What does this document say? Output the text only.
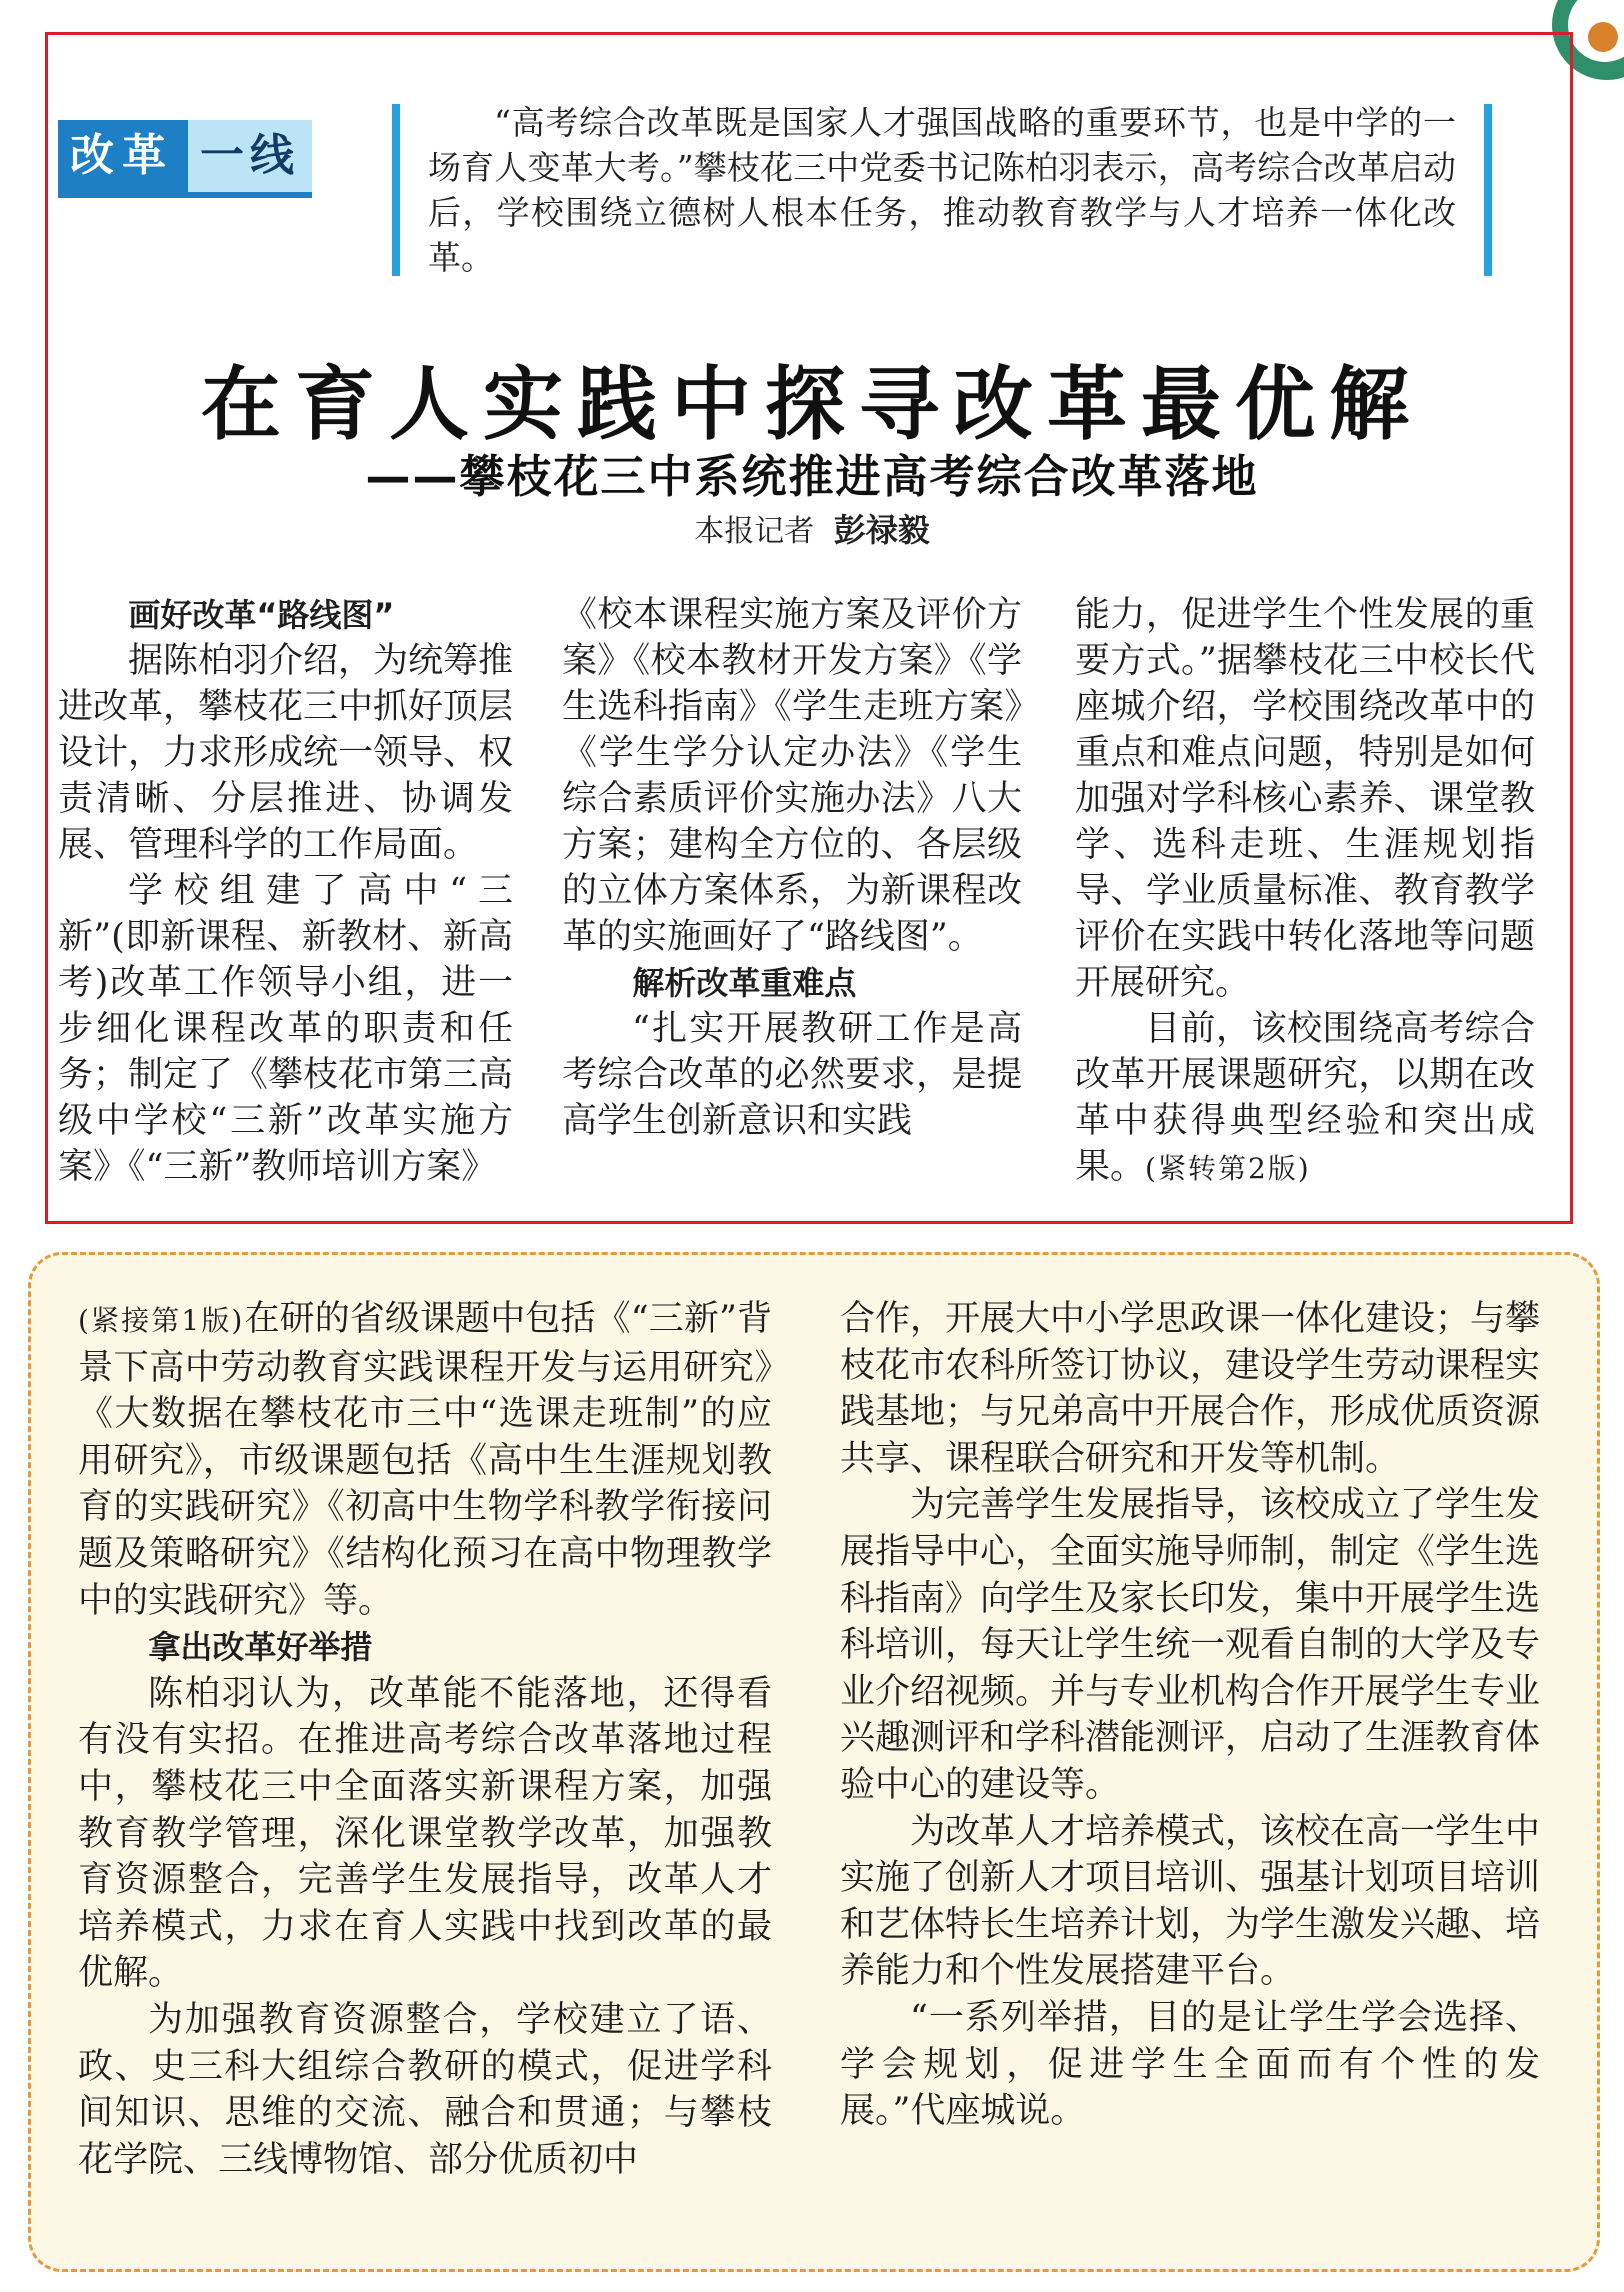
改革 一线
“高考综合改革既是国家人才强国战略的重要环节，也是中学的一场育人变革大考。”攀枝花三中党委书记陈柏羽表示，高考综合改革启动后，学校围绕立德树人根本任务，推动教育教学与人才培养一体化改革。
在育人实践中探寻改革最优解
——攀枝花三中系统推进高考综合改革落地
本报记者 彭禄毅
画好改革“路线图”

据陈柏羽介绍，为统筹推进改革，攀枝花三中抓好顶层设计，力求形成统一领导、权责清晰、分层推进、协调发展、管理科学的工作局面。

学校组建了高中“三新”(即新课程、新教材、新高考)改革工作领导小组，进一步细化课程改革的职责和任务；制定了《攀枝花市第三高级中学校“三新”改革实施方案》《“三新”教师培训方案》

《校本课程实施方案及评价方案》《校本教材开发方案》《学生选科指南》《学生走班方案》《学生学分认定办法》《学生综合素质评价实施办法》八大方案；建构全方位的、各层级的立体方案体系，为新课程改革的实施画好了“路线图”。

解析改革重难点

“扎实开展教研工作是高考综合改革的必然要求，是提高学生创新意识和实践

能力，促进学生个性发展的重要方式。”据攀枝花三中校长代座城介绍，学校围绕改革中的重点和难点问题，特别是如何加强对学科核心素养、课堂教学、选科走班、生涯规划指导、学业质量标准、教育教学评价在实践中转化落地等问题开展研究。

目前，该校围绕高考综合改革开展课题研究，以期在改革中获得典型经验和突出成果。(紧转第2版)

(紧接第1版)在研的省级课题中包括《“三新”背景下高中劳动教育实践课程开发与运用研究》《大数据在攀枝花市三中“选课走班制”的应用研究》，市级课题包括《高中生生涯规划教育的实践研究》《初高中生物学科教学衔接问题及策略研究》《结构化预习在高中物理教学中的实践研究》等。

拿出改革好举措

陈柏羽认为，改革能不能落地，还得看有没有实招。在推进高考综合改革落地过程中，攀枝花三中全面落实新课程方案，加强教育教学管理，深化课堂教学改革，加强教育资源整合，完善学生发展指导，改革人才培养模式，力求在育人实践中找到改革的最优解。

为加强教育资源整合，学校建立了语、政、史三科大组综合教研的模式，促进学科间知识、思维的交流、融合和贯通；与攀枝花学院、三线博物馆、部分优质初中

合作，开展大中小学思政课一体化建设；与攀枝花市农科所签订协议，建设学生劳动课程实践基地；与兄弟高中开展合作，形成优质资源共享、课程联合研究和开发等机制。

为完善学生发展指导，该校成立了学生发展指导中心，全面实施导师制，制定《学生选科指南》向学生及家长印发，集中开展学生选科培训，每天让学生统一观看自制的大学及专业介绍视频。并与专业机构合作开展学生专业兴趣测评和学科潜能测评，启动了生涯教育体验中心的建设等。

为改革人才培养模式，该校在高一学生中实施了创新人才项目培训、强基计划项目培训和艺体特长生培养计划，为学生激发兴趣、培养能力和个性发展搭建平台。

“一系列举措，目的是让学生学会选择、学会规划，促进学生全面而有个性的发展。”代座城说。
